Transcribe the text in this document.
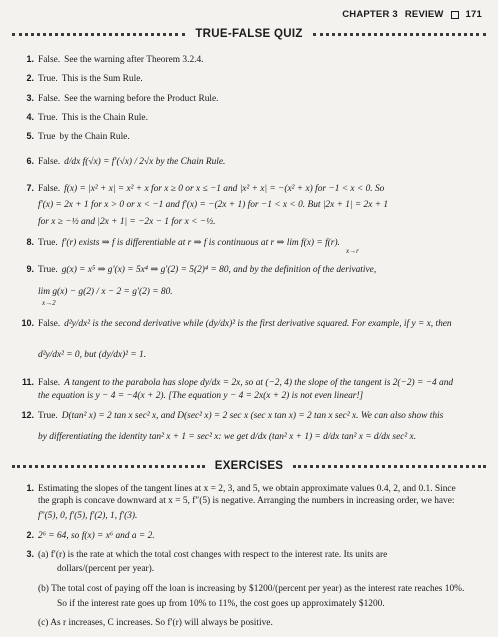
CHAPTER 3 REVIEW 171
TRUE-FALSE QUIZ
1. False. See the warning after Theorem 3.2.4.
2. True. This is the Sum Rule.
3. False. See the warning before the Product Rule.
4. True. This is the Chain Rule.
5. True by the Chain Rule.
6. False. d/dx f(√x) = f′(√x) / 2√x by the Chain Rule.
7. False. f(x) = |x² + x| = x² + x for x ≥ 0 or x ≤ −1 and |x² + x| = −(x² + x) for −1 < x < 0. So
f′(x) = 2x + 1 for x > 0 or x < −1 and f′(x) = −(2x + 1) for −1 < x < 0. But |2x + 1| = 2x + 1
for x ≥ −½ and |2x + 1| = −2x − 1 for x < −½.
8. True. f′(r) exists ⇒ f is differentiable at r ⇒ f is continuous at r ⇒ lim f(x) = f(r).
x→r
9. True. g(x) = x⁵ ⇒ g′(x) = 5x⁴ ⇒ g′(2) = 5(2)⁴ = 80, and by the definition of the derivative,
lim g(x) − g(2) / x − 2 = g′(2) = 80.
x→2
10. False. d²y/dx² is the second derivative while (dy/dx)² is the first derivative squared. For example, if y = x, then
d²y/dx² = 0, but (dy/dx)² = 1.
11. False. A tangent to the parabola has slope dy/dx = 2x, so at (−2, 4) the slope of the tangent is 2(−2) = −4 and
the equation is y − 4 = −4(x + 2). [The equation y − 4 = 2x(x + 2) is not even linear!]
12. True. D(tan² x) = 2 tan x sec² x, and D(sec² x) = 2 sec x (sec x tan x) = 2 tan x sec² x. We can also show this
by differentiating the identity tan² x + 1 = sec² x: we get d/dx (tan² x + 1) = d/dx tan² x = d/dx sec² x.
EXERCISES
1. Estimating the slopes of the tangent lines at x = 2, 3, and 5, we obtain approximate values 0.4, 2, and 0.1. Since
the graph is concave downward at x = 5, f″(5) is negative. Arranging the numbers in increasing order, we have:
f″(5), 0, f′(5), f′(2), 1, f′(3).
2. 2⁶ = 64, so f(x) = x⁶ and a = 2.
3. (a) f′(r) is the rate at which the total cost changes with respect to the interest rate. Its units are
dollars/(percent per year).
(b) The total cost of paying off the loan is increasing by $1200/(percent per year) as the interest rate reaches 10%.
So if the interest rate goes up from 10% to 11%, the cost goes up approximately $1200.
(c) As r increases, C increases. So f′(r) will always be positive.
